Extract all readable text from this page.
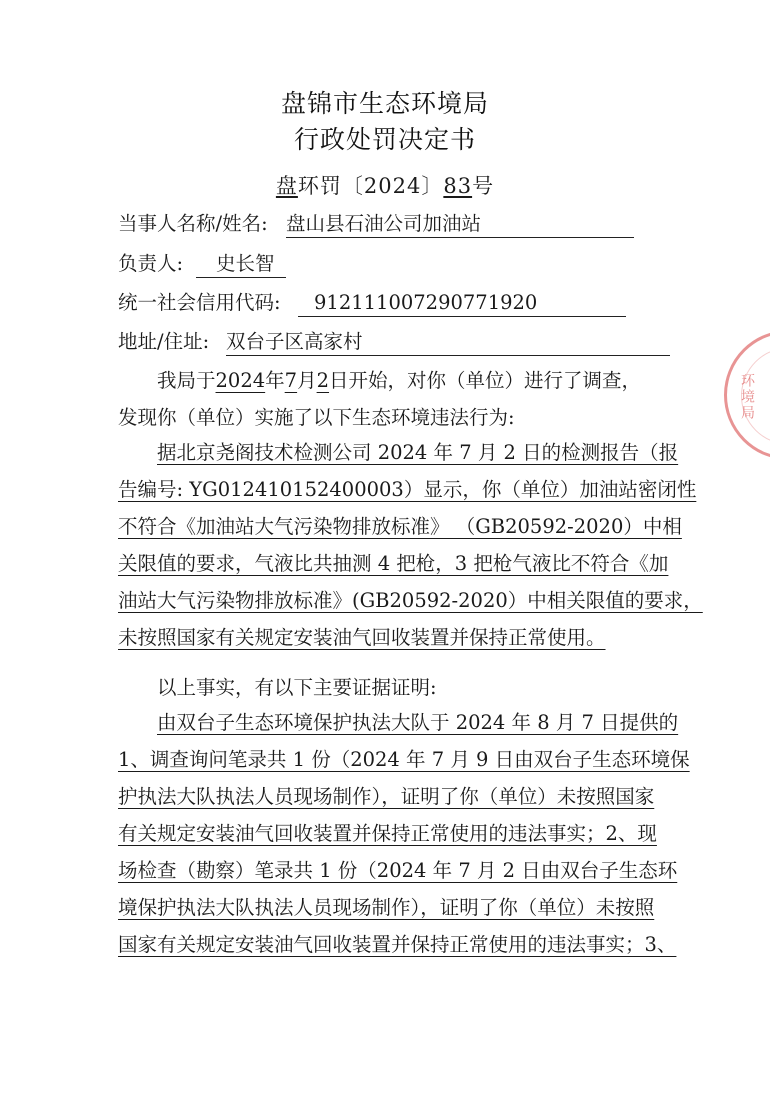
盘锦市生态环境局
行政处罚决定书
盘环罚〔2024〕83号
当事人名称/姓名: 盘山县石油公司加油站
负责人:	史长智
统一社会信用代码:	912111007290771920
地址/住址: 双台子区高家村
我局于2024年7月2日开始，对你（单位）进行了调查，
发现你（单位）实施了以下生态环境违法行为:
据北京尧阁技术检测公司 2024 年 7 月 2 日的检测报告（报
告编号: YG012410152400003）显示，你（单位）加油站密闭性
不符合《加油站大气污染物排放标准》 （GB20592-2020）中相
关限值的要求，气液比共抽测 4 把枪，3 把枪气液比不符合《加
油站大气污染物排放标准》(GB20592-2020）中相关限值的要求，
未按照国家有关规定安装油气回收装置并保持正常使用。
以上事实，有以下主要证据证明:
由双台子生态环境保护执法大队于 2024 年 8 月 7 日提供的
1、调查询问笔录共 1 份（2024 年 7 月 9 日由双台子生态环境保
护执法大队执法人员现场制作），证明了你（单位）未按照国家
有关规定安装油气回收装置并保持正常使用的违法事实；2、现
场检查（勘察）笔录共 1 份（2024 年 7 月 2 日由双台子生态环
境保护执法大队执法人员现场制作），证明了你（单位）未按照
国家有关规定安装油气回收装置并保持正常使用的违法事实；3、
环境局
